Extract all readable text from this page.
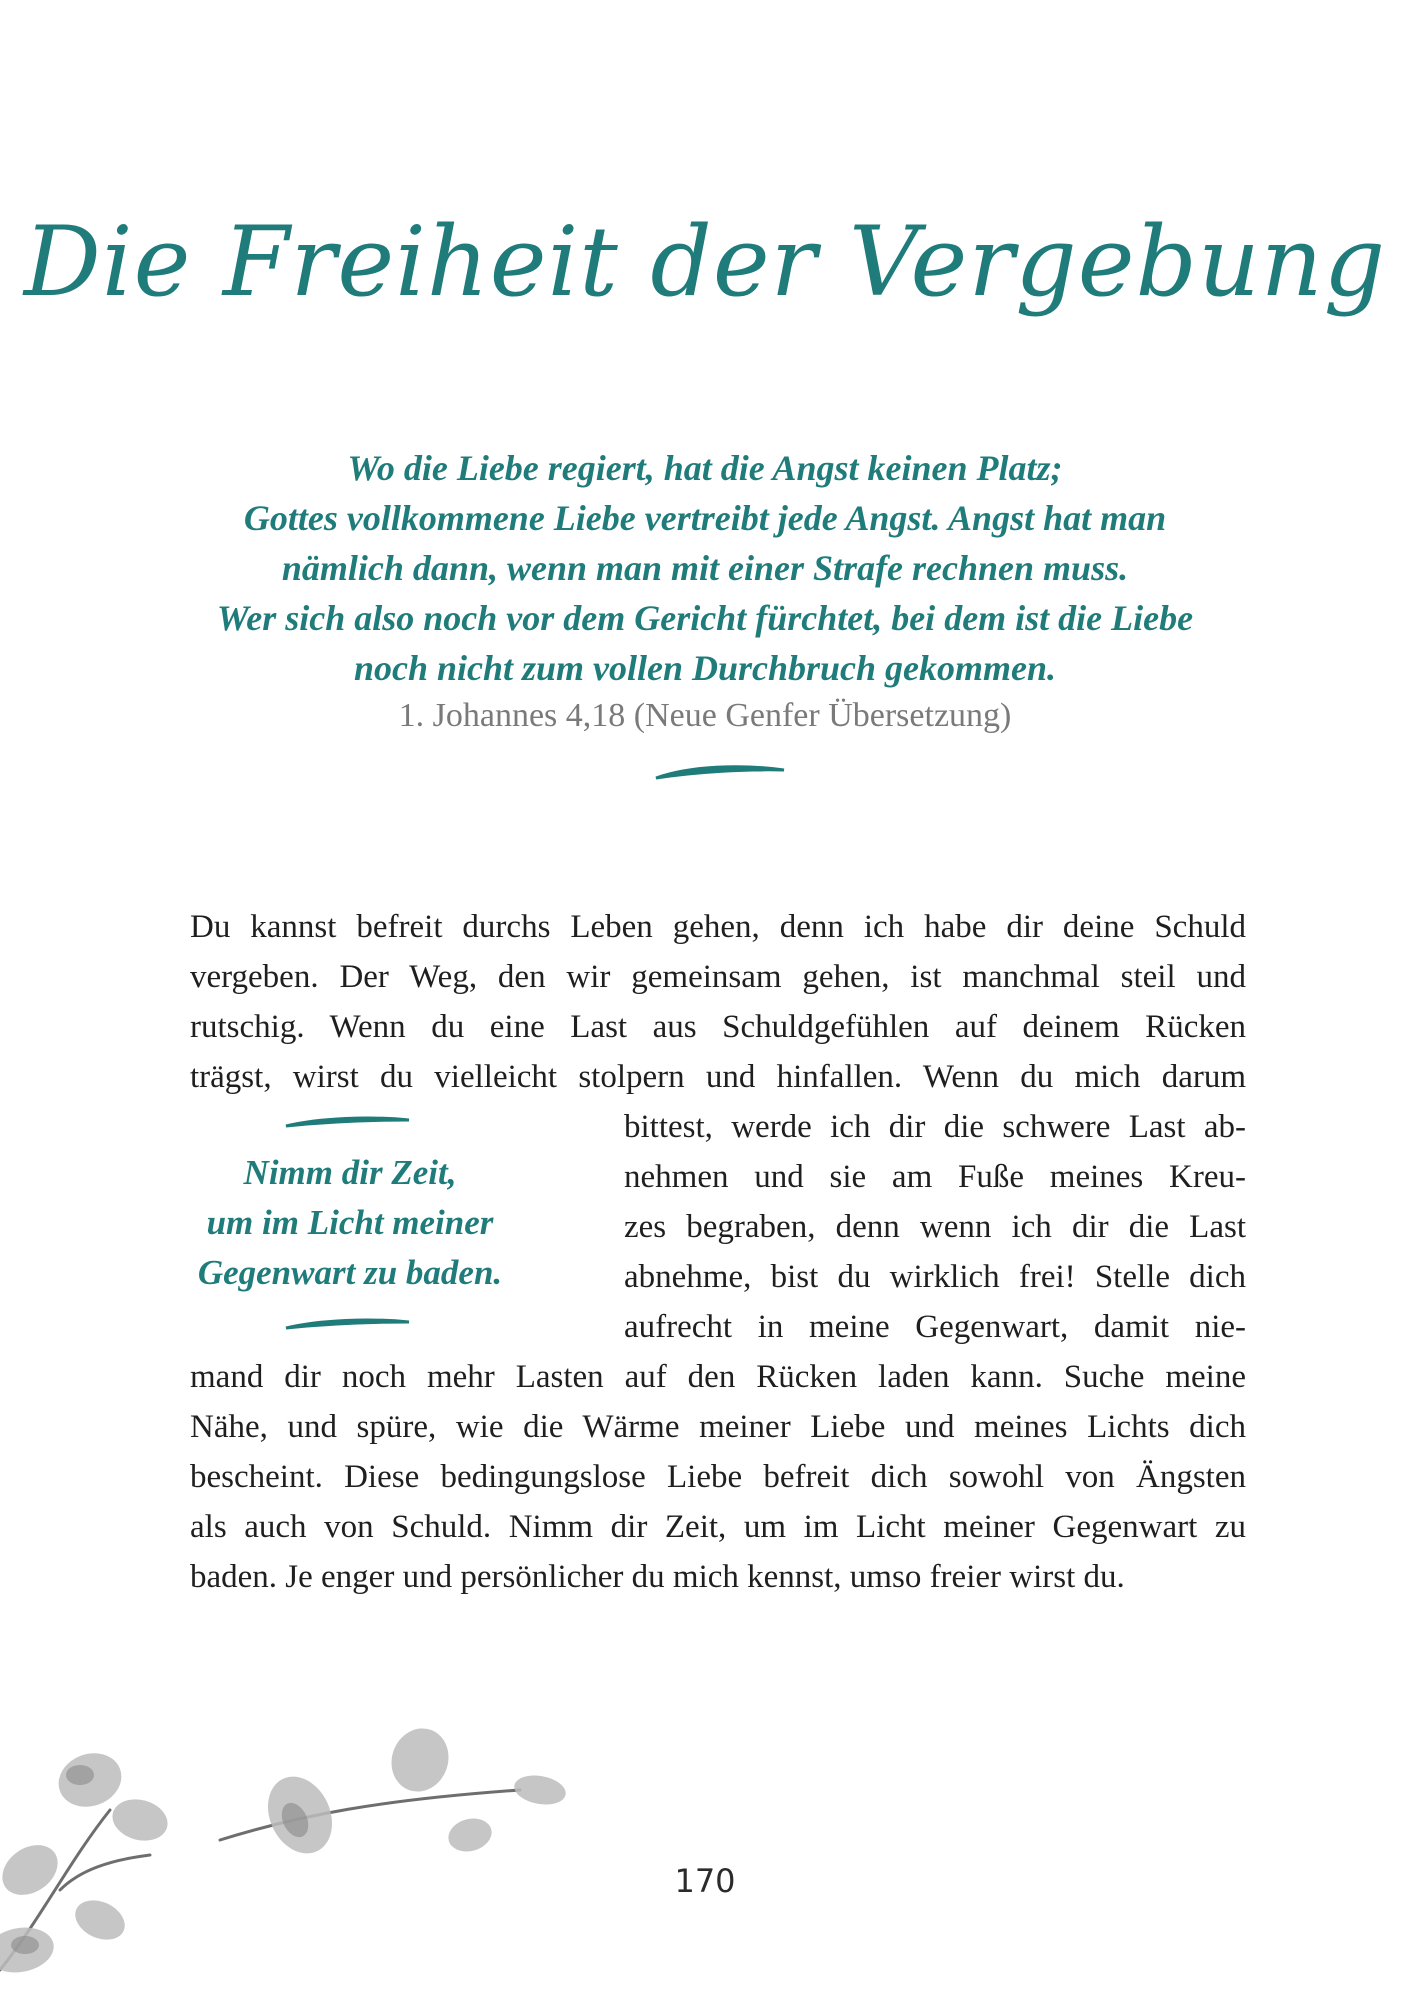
Die Freiheit der Vergebung
Wo die Liebe regiert, hat die Angst keinen Platz;
Gottes vollkommene Liebe vertreibt jede Angst. Angst hat man
nämlich dann, wenn man mit einer Strafe rechnen muss.
Wer sich also noch vor dem Gericht fürchtet, bei dem ist die Liebe
noch nicht zum vollen Durchbruch gekommen.
1. Johannes 4,18 (Neue Genfer Übersetzung)
Du kannst befreit durchs Leben gehen, denn ich habe dir deine Schuld
vergeben. Der Weg, den wir gemeinsam gehen, ist manchmal steil und
rutschig. Wenn du eine Last aus Schuldgefühlen auf deinem Rücken
trägst, wirst du vielleicht stolpern und hinfallen. Wenn du mich darum
bittest, werde ich dir die schwere Last ab-
nehmen und sie am Fuße meines Kreu-
zes begraben, denn wenn ich dir die Last
abnehme, bist du wirklich frei! Stelle dich
aufrecht in meine Gegenwart, damit nie-
mand dir noch mehr Lasten auf den Rücken laden kann. Suche meine
Nähe, und spüre, wie die Wärme meiner Liebe und meines Lichts dich
bescheint. Diese bedingungslose Liebe befreit dich sowohl von Ängsten
als auch von Schuld. Nimm dir Zeit, um im Licht meiner Gegenwart zu
baden. Je enger und persönlicher du mich kennst, umso freier wirst du.
Nimm dir Zeit,
um im Licht meiner
Gegenwart zu baden.
170
